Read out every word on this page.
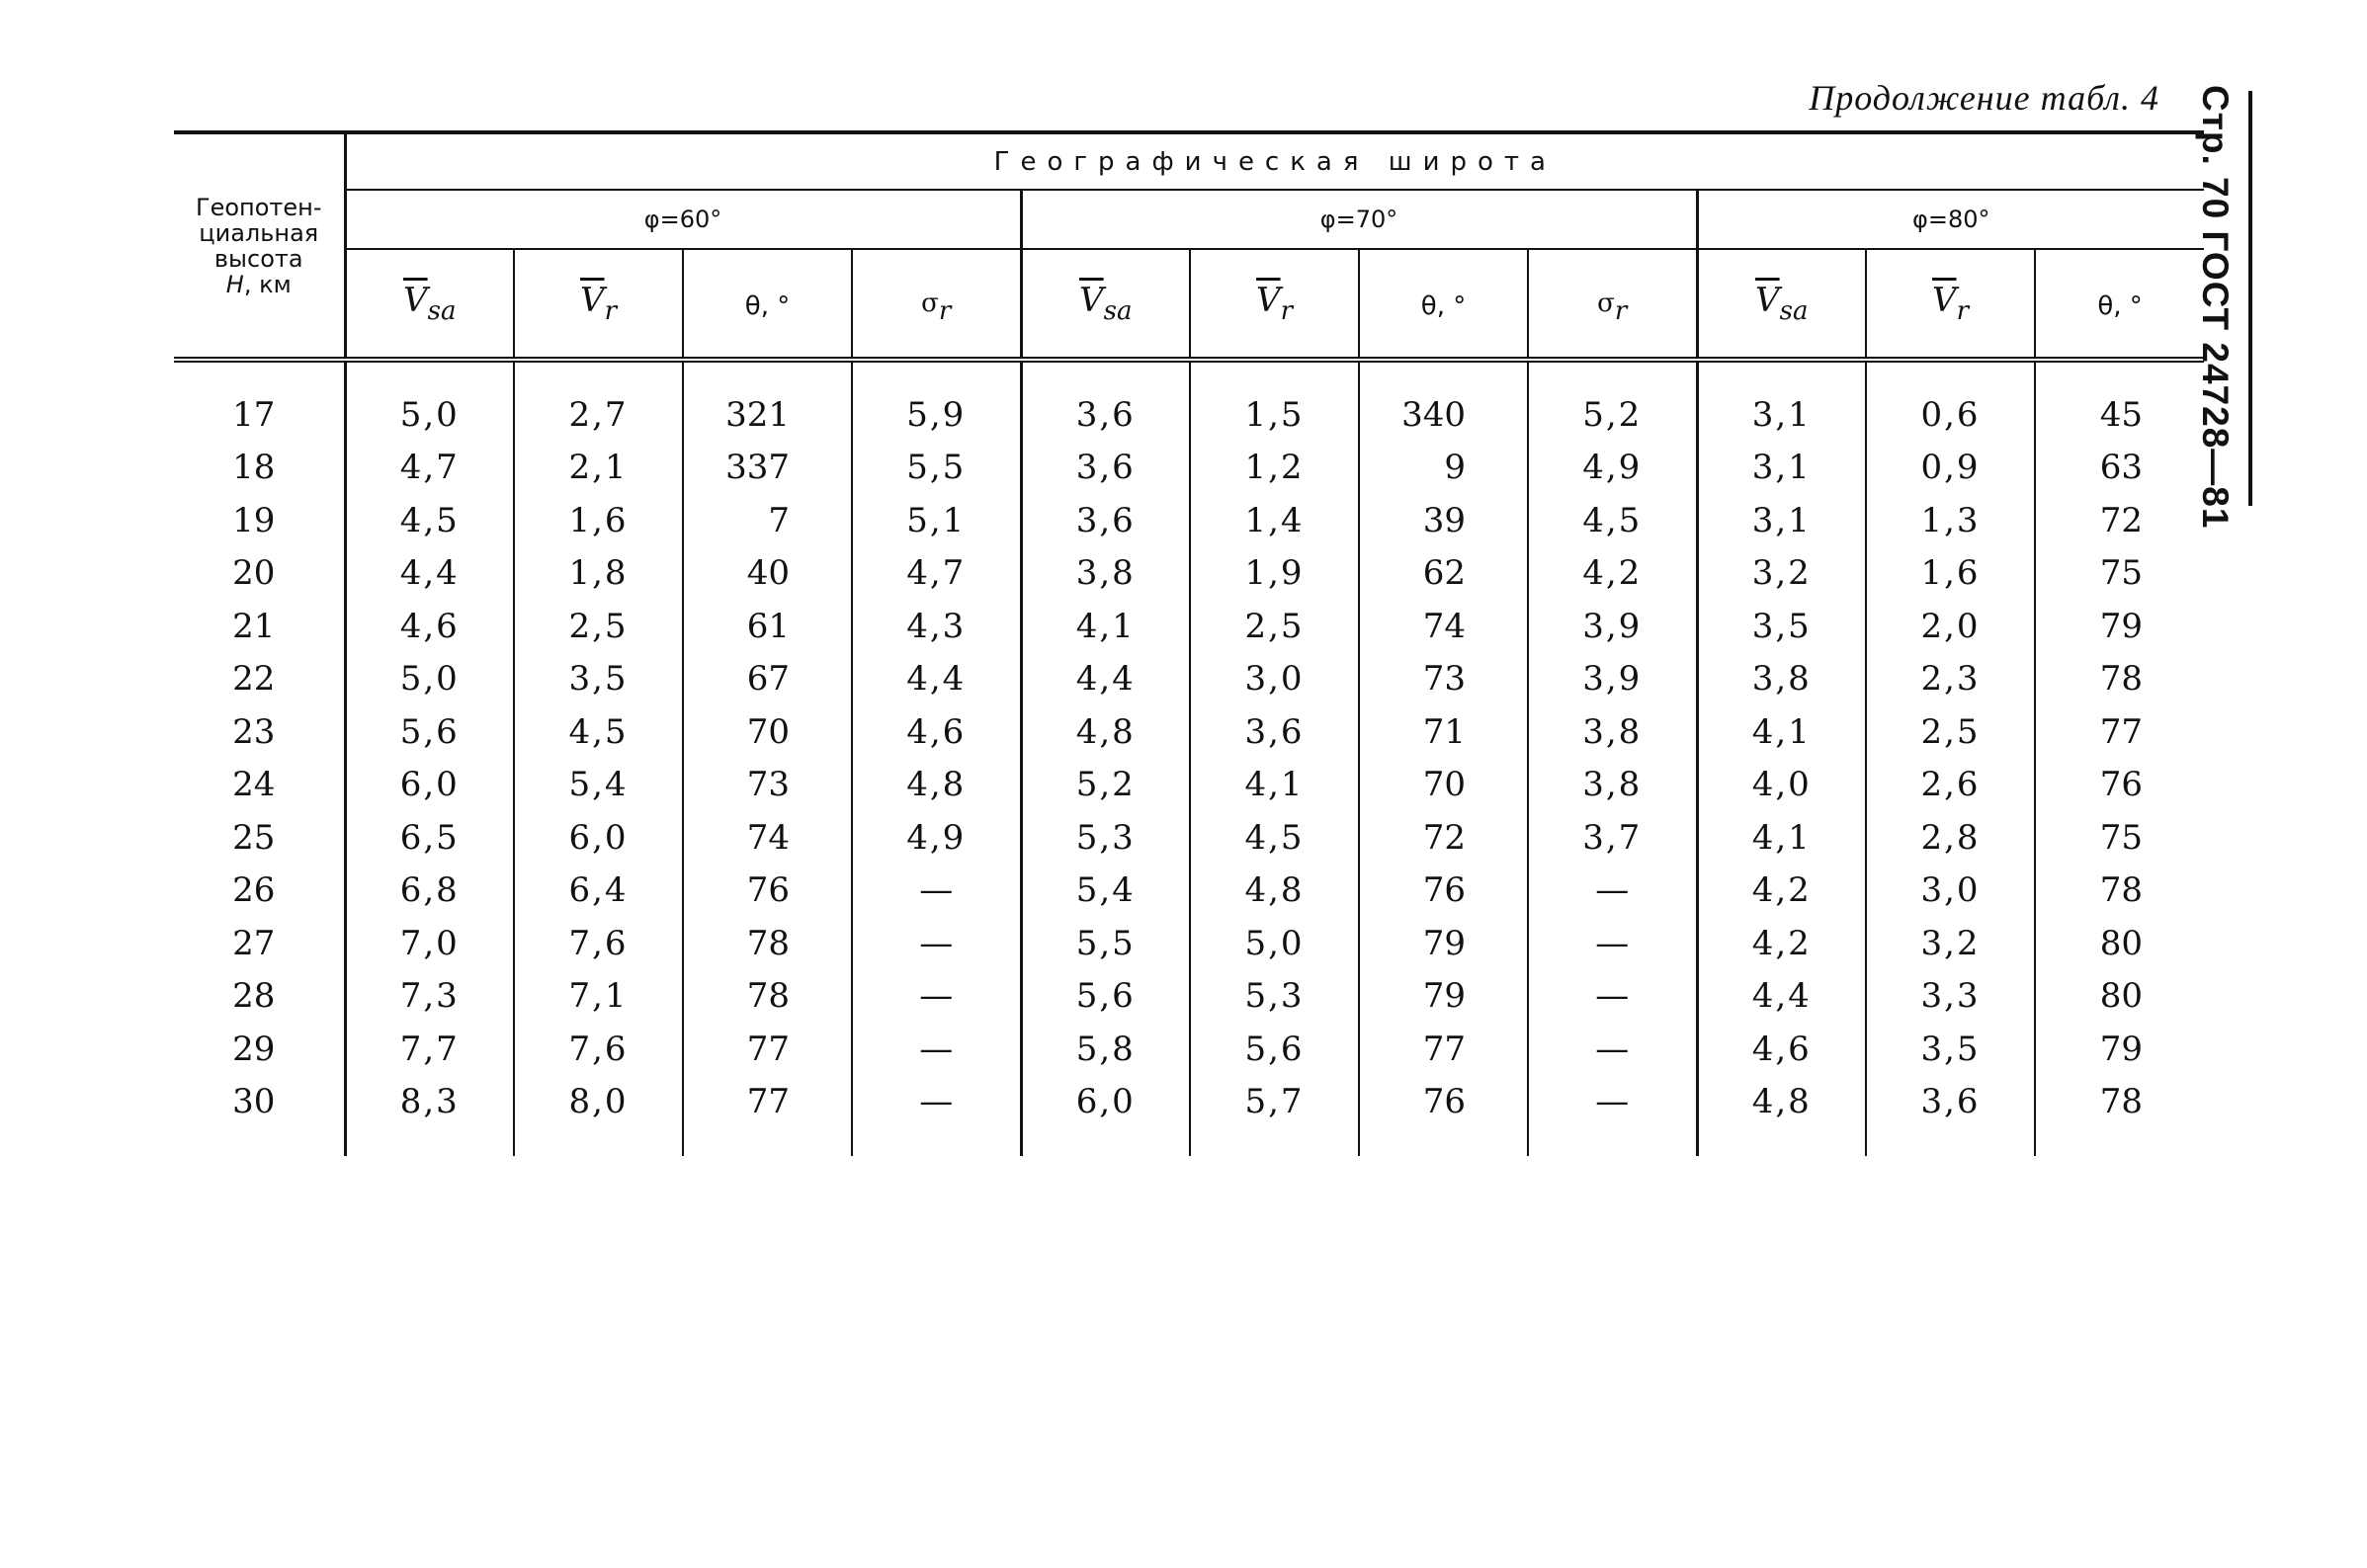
Продолжение табл. 4 Стр. 70 ГОСТ 24728—81
Геопотен-
циальная
высота
H, км	Географическая широта										
	φ=60°				φ=70°				φ=80°		
	$\overline{V}_{sa}$	$\overline{V}_r$	θ, °	$\sigma_r$	$\overline{V}_{sa}$	$\overline{V}_r$	θ, °	$\sigma_r$	$\overline{V}_{sa}$	$\overline{V}_r$	θ, °
17	5,0	2,7	321	5,9	3,6	1,5	340	5,2	3,1	0,6	45
18	4,7	2,1	337	5,5	3,6	1,2	9	4,9	3,1	0,9	63
19	4,5	1,6	7	5,1	3,6	1,4	39	4,5	3,1	1,3	72
20	4,4	1,8	40	4,7	3,8	1,9	62	4,2	3,2	1,6	75
21	4,6	2,5	61	4,3	4,1	2,5	74	3,9	3,5	2,0	79
22	5,0	3,5	67	4,4	4,4	3,0	73	3,9	3,8	2,3	78
23	5,6	4,5	70	4,6	4,8	3,6	71	3,8	4,1	2,5	77
24	6,0	5,4	73	4,8	5,2	4,1	70	3,8	4,0	2,6	76
25	6,5	6,0	74	4,9	5,3	4,5	72	3,7	4,1	2,8	75
26	6,8	6,4	76	—	5,4	4,8	76	—	4,2	3,0	78
27	7,0	7,6	78	—	5,5	5,0	79	—	4,2	3,2	80
28	7,3	7,1	78	—	5,6	5,3	79	—	4,4	3,3	80
29	7,7	7,6	77	—	5,8	5,6	77	—	4,6	3,5	79
30	8,3	8,0	77	—	6,0	5,7	76	—	4,8	3,6	78
